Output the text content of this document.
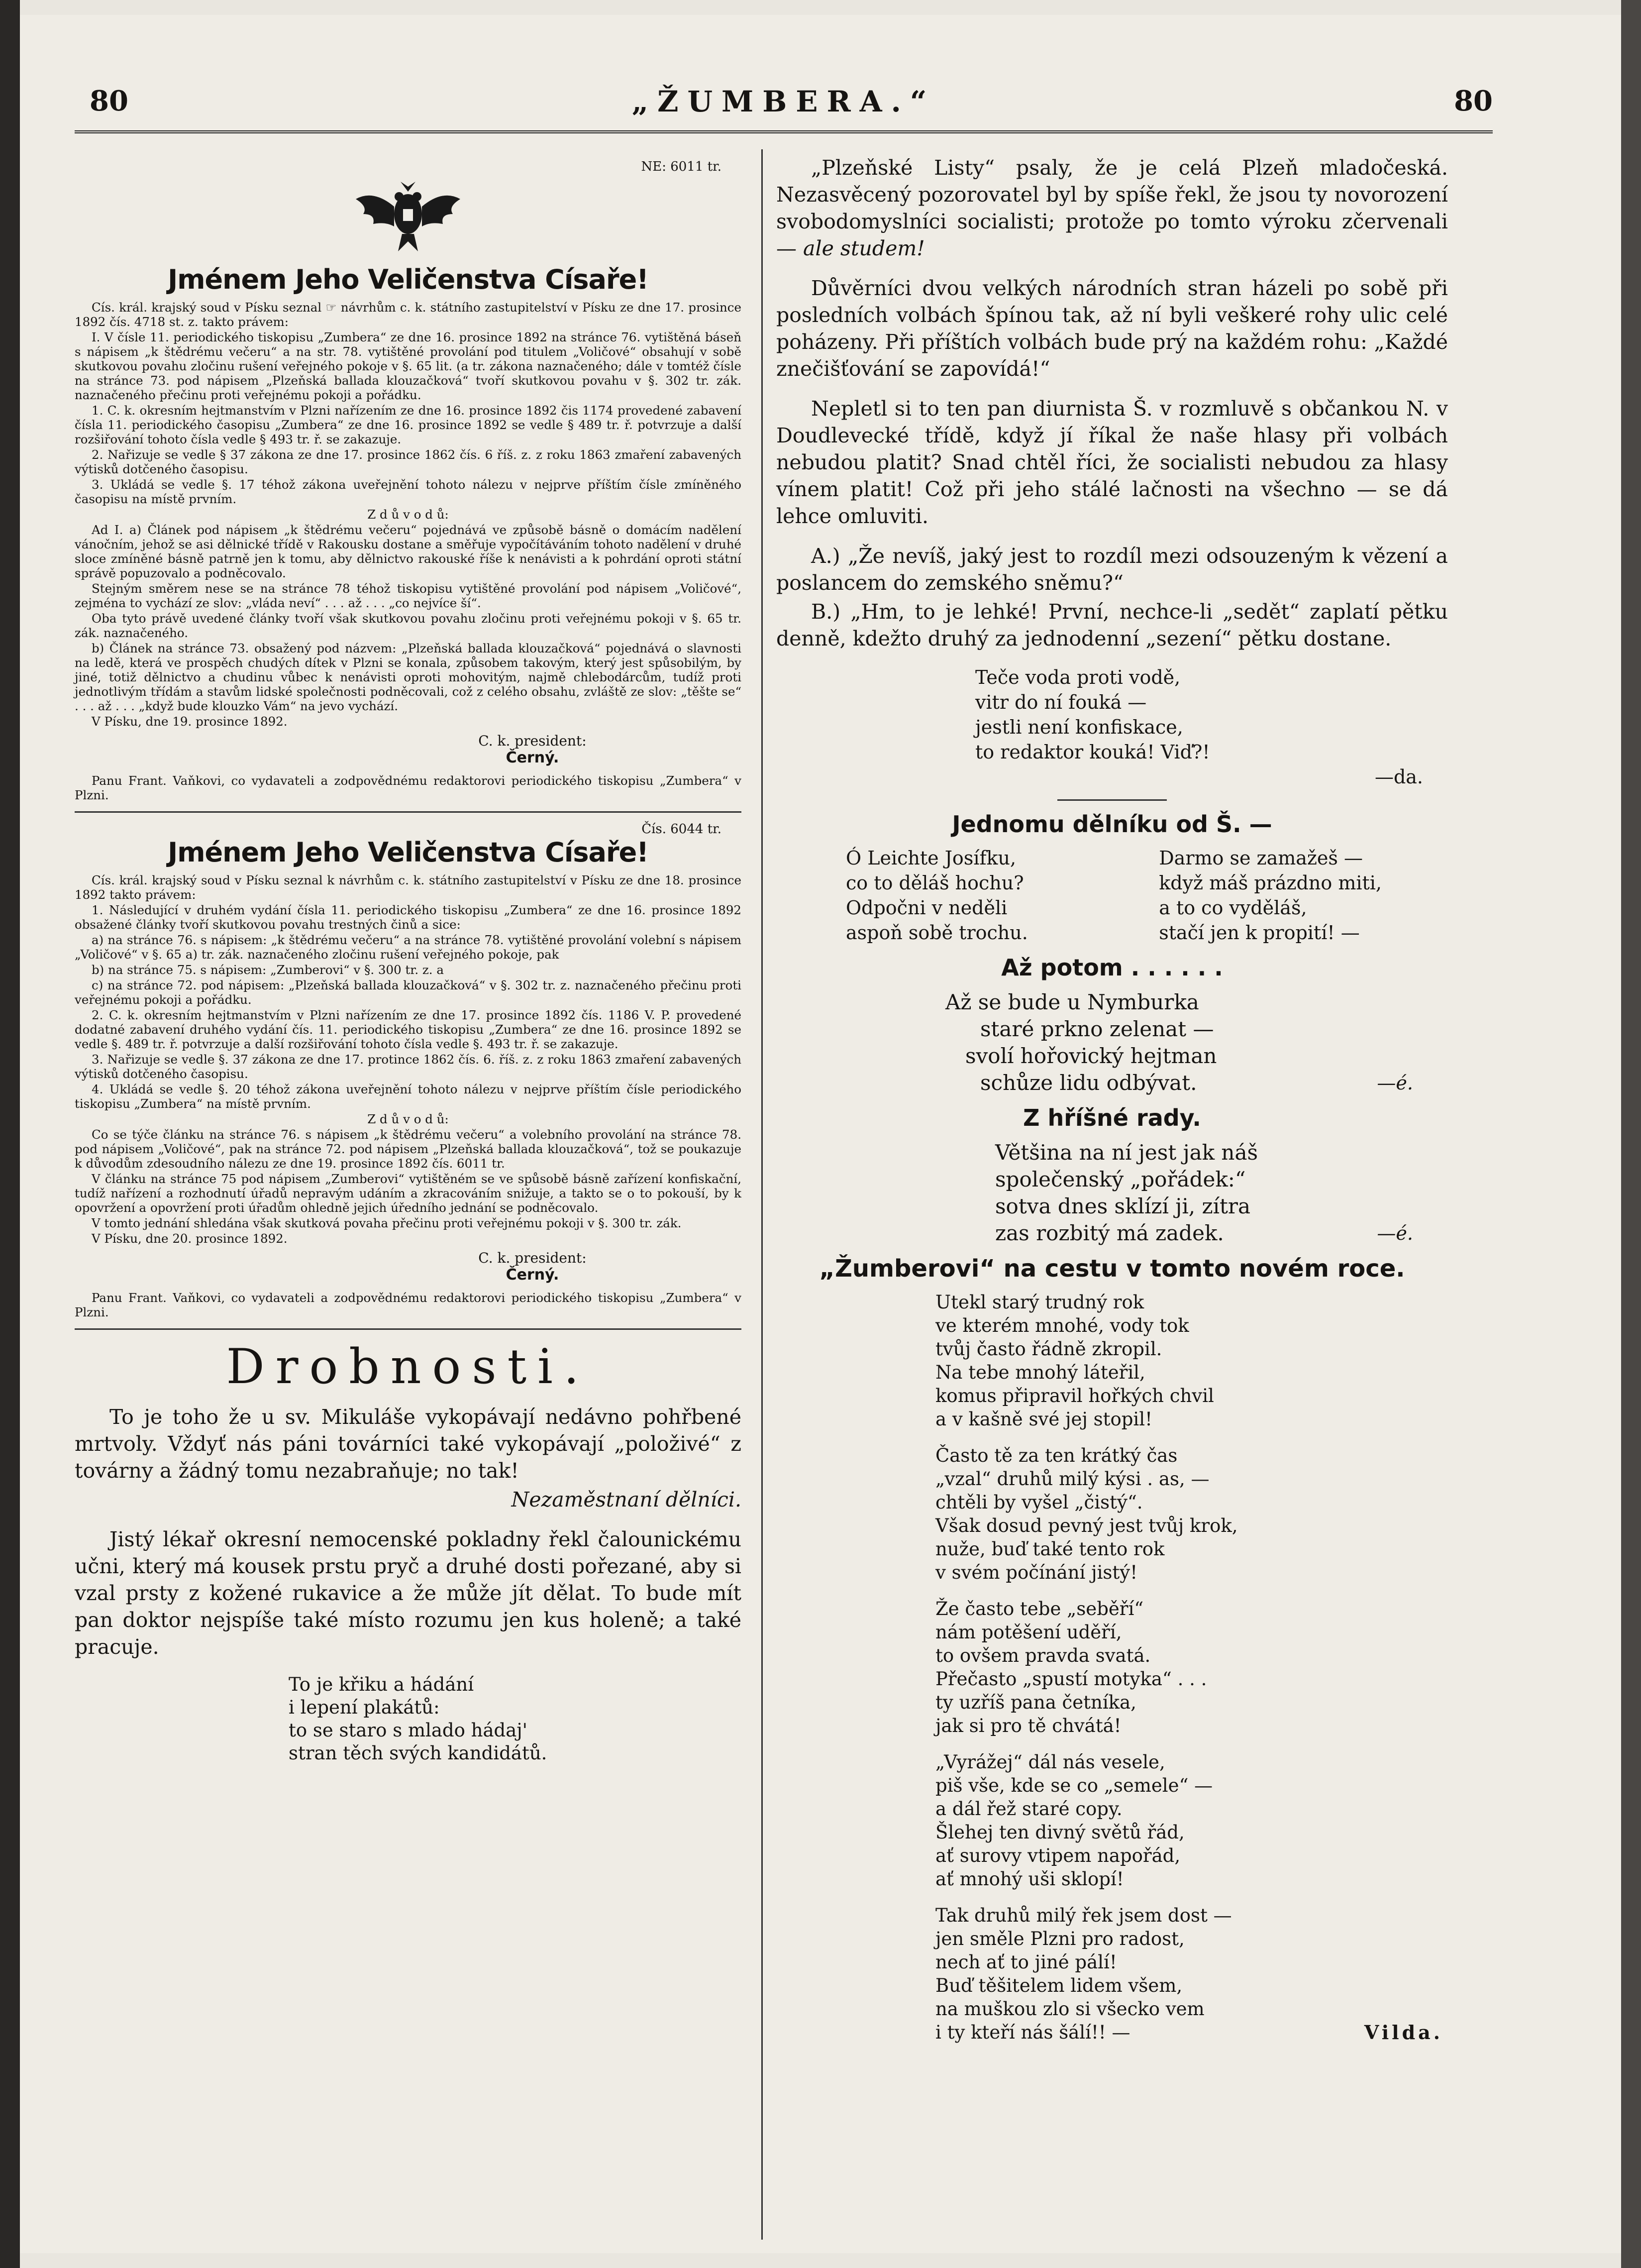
80	„ŽUMBERA.“	80
NE: 6011 tr.

Jménem Jeho Veličenstva Císaře!

Cís. král. krajský soud v Písku seznal ☞ návrhům c. k. státního zastupitelství v Písku ze dne 17. prosince 1892 čís. 4718 st. z. takto právem:

I. V čísle 11. periodického tiskopisu „Zumbera“ ze dne 16. prosince 1892 na stránce 76. vytištěná báseň s nápisem „k štědrému večeru“ a na str. 78. vytištěné provolání pod titulem „Voličové“ obsahují v sobě skutkovou povahu zločinu rušení veřejného pokoje v §. 65 lit. (a tr. zákona naznačeného; dále v tomtéž čísle na stránce 73. pod nápisem „Plzeňská ballada klouzačková“ tvoří skutkovou povahu v §. 302 tr. zák. naznačeného přečinu proti veřejnému pokoji a pořádku.

1. C. k. okresním hejtmanstvím v Plzni nařízením ze dne 16. prosince 1892 čis 1174 provedené zabavení čísla 11. periodického časopisu „Zumbera“ ze dne 16. prosince 1892 se vedle § 489 tr. ř. potvrzuje a další rozšiřování tohoto čísla vedle § 493 tr. ř. se zakazuje.

2. Nařizuje se vedle § 37 zákona ze dne 17. prosince 1862 čís. 6 říš. z. z roku 1863 zmaření zabavených výtisků dotčeného časopisu.

3. Ukládá se vedle §. 17 téhož zákona uveřejnění tohoto nálezu v nejprve příštím čísle zmíněného časopisu na místě prvním.

Z d ů v o d ů:

Ad I. a) Článek pod nápisem „k štědrému večeru“ pojednává ve způsobě básně o domácím nadělení vánočním, jehož se asi dělnické třídě v Rakousku dostane a směřuje vypočítáváním tohoto nadělení v druhé sloce zmíněné básně patrně jen k tomu, aby dělnictvo rakouské říše k nenávisti a k pohrdání oproti státní správě popuzovalo a podněcovalo.

Stejným směrem nese se na stránce 78 téhož tiskopisu vytištěné provolání pod nápisem „Voličové“, zejména to vychází ze slov: „vláda neví“ . . . až . . . „co nejvíce ší“.

Oba tyto právě uvedené články tvoří však skutkovou povahu zločinu proti veřejnému pokoji v §. 65 tr. zák. naznačeného.

b) Článek na stránce 73. obsažený pod názvem: „Plzeňská ballada klouzačková“ pojednává o slavnosti na ledě, která ve prospěch chudých dítek v Plzni se konala, způsobem takovým, který jest spůsobilým, by jiné, totiž dělnictvo a chudinu vůbec k nenávisti oproti mohovitým, najmě chlebodárcům, tudíž proti jednotlivým třídám a stavům lidské společnosti podněcovali, což z celého obsahu, zvláště ze slov: „těšte se“ . . . až . . . „když bude klouzko Vám“ na jevo vychází.

V Písku, dne 19. prosince 1892.

C. k. president:
Černý.

Panu Frant. Vaňkovi, co vydavateli a zodpovědnému redaktorovi periodického tiskopisu „Zumbera“ v Plzni.

Čís. 6044 tr.

Jménem Jeho Veličenstva Císaře!

Cís. král. krajský soud v Písku seznal k návrhům c. k. státního zastupitelství v Písku ze dne 18. prosince 1892 takto právem:

1. Následující v druhém vydání čísla 11. periodického tiskopisu „Zumbera“ ze dne 16. prosince 1892 obsažené články tvoří skutkovou povahu trestných činů a sice:

a) na stránce 76. s nápisem: „k štědrému večeru“ a na stránce 78. vytištěné provolání volební s nápisem „Voličové“ v §. 65 a) tr. zák. naznačeného zločinu rušení veřejného pokoje, pak

b) na stránce 75. s nápisem: „Zumberovi“ v §. 300 tr. z. a

c) na stránce 72. pod nápisem: „Plzeňská ballada klouzačková“ v §. 302 tr. z. naznačeného přečinu proti veřejnému pokoji a pořádku.

2. C. k. okresním hejtmanstvím v Plzni nařízením ze dne 17. prosince 1892 čís. 1186 V. P. provedené dodatné zabavení druhého vydání čís. 11. periodického tiskopisu „Zumbera“ ze dne 16. prosince 1892 se vedle §. 489 tr. ř. potvrzuje a další rozšiřování tohoto čísla vedle §. 493 tr. ř. se zakazuje.

3. Nařizuje se vedle §. 37 zákona ze dne 17. protince 1862 čís. 6. říš. z. z roku 1863 zmaření zabavených výtisků dotčeného časopisu.

4. Ukládá se vedle §. 20 téhož zákona uveřejnění tohoto nálezu v nejprve příštím čísle periodického tiskopisu „Zumbera“ na místě prvním.

Z d ů v o d ů:

Co se týče článku na stránce 76. s nápisem „k štědrému večeru“ a volebního provolání na stránce 78. pod nápisem „Voličové“, pak na stránce 72. pod nápisem „Plzeňská ballada klouzačková“, tož se poukazuje k důvodům zdesoudního nálezu ze dne 19. prosince 1892 čís. 6011 tr.

V článku na stránce 75 pod nápisem „Zumberovi“ vytištěném se ve spůsobě básně zařízení konfiskační, tudíž nařízení a rozhodnutí úřadů nepravým udáním a zkracováním snižuje, a takto se o to pokouší, by k opovržení a opovržení proti úřadům ohledně jejich úředního jednání se podněcovalo.

V tomto jednání shledána však skutková povaha přečinu proti veřejnému pokoji v §. 300 tr. zák.

V Písku, dne 20. prosince 1892.

C. k. president:
Černý.

Panu Frant. Vaňkovi, co vydavateli a zodpovědnému redaktorovi periodického tiskopisu „Zumbera“ v Plzni.

Drobnosti.

To je toho že u sv. Mikuláše vykopávají nedávno pohřbené mrtvoly. Vždyť nás páni továrníci také vykopávají „položivé“ z továrny a žádný tomu nezabraňuje; no tak!

Nezaměstnaní dělníci.

Jistý lékař okresní nemocenské pokladny řekl čalounickému učni, který má kousek prstu pryč a druhé dosti pořezané, aby si vzal prsty z kožené rukavice a že může jít dělat. To bude mít pan doktor nejspíše také místo rozumu jen kus holeně; a také pracuje.

To je křiku a hádání
i lepení plakátů:
to se staro s mlado hádaj'
stran těch svých kandidátů.

„Plzeňské Listy“ psaly, že je celá Plzeň mladočeská. Nezasvěcený pozorovatel byl by spíše řekl, že jsou ty novorození svobodomyslníci socialisti; protože po tomto výroku zčervenali — ale studem!

Důvěrníci dvou velkých národních stran házeli po sobě při posledních volbách špínou tak, až ní byli veškeré rohy ulic celé poházeny. Při příštích volbách bude prý na každém rohu: „Každé znečišťování se zapovídá!“

Nepletl si to ten pan diurnista Š. v rozmluvě s občankou N. v Doudlevecké třídě, když jí říkal že naše hlasy při volbách nebudou platit? Snad chtěl říci, že socialisti nebudou za hlasy vínem platit! Což při jeho stálé lačnosti na všechno — se dá lehce omluviti.

A.) „Že nevíš, jaký jest to rozdíl mezi odsouzeným k vězení a poslancem do zemského sněmu?“

B.) „Hm, to je lehké! První, nechce-li „sedět“ zaplatí pětku denně, kdežto druhý za jednodenní „sezení“ pětku dostane.

Teče voda proti vodě,
vitr do ní fouká —
jestli není konfiskace,
to redaktor kouká! Viď?!
—da.
Jednomu dělníku od Š. —
Ó Leichte Josífku,
co to děláš hochu?
Odpočni v neděli
aspoň sobě trochu.
Darmo se zamažeš —
když máš prázdno miti,
a to co vyděláš,
stačí jen k propití! —
Až potom . . . . . .
Až se bude u Nymburka
staré prkno zelenat —
svolí hořovický hejtman
schůze lidu odbývat.	—é.
Z hříšné rady.
Většina na ní jest jak náš
společenský „pořádek:“
sotva dnes sklízí ji, zítra
zas rozbitý má zadek.	—é.
„Žumberovi“ na cestu v tomto novém roce.
Utekl starý trudný rok
ve kterém mnohé, vody tok
tvůj často řádně zkropil.
Na tebe mnohý láteřil,
komus připravil hořkých chvil
a v kašně své jej stopil!
Často tě za ten krátký čas
„vzal“ druhů milý kýsi . as, —
chtěli by vyšel „čistý“.
Však dosud pevný jest tvůj krok,
nuže, buď také tento rok
v svém počínání jistý!
Že často tebe „seběří“
nám potěšení uděří,
to ovšem pravda svatá.
Přečasto „spustí motyka“ . . .
ty uzříš pana četníka,
jak si pro tě chvátá!
„Vyrážej“ dál nás vesele,
piš vše, kde se co „semele“ —
a dál řež staré copy.
Šlehej ten divný světů řád,
ať surovy vtipem napořád,
ať mnohý uši sklopí!
Tak druhů milý řek jsem dost —
jen směle Plzni pro radost,
nech ať to jiné pálí!
Buď těšitelem lidem všem,
na muškou zlo si všecko vem
i ty kteří nás šálí!! —	Vilda.
